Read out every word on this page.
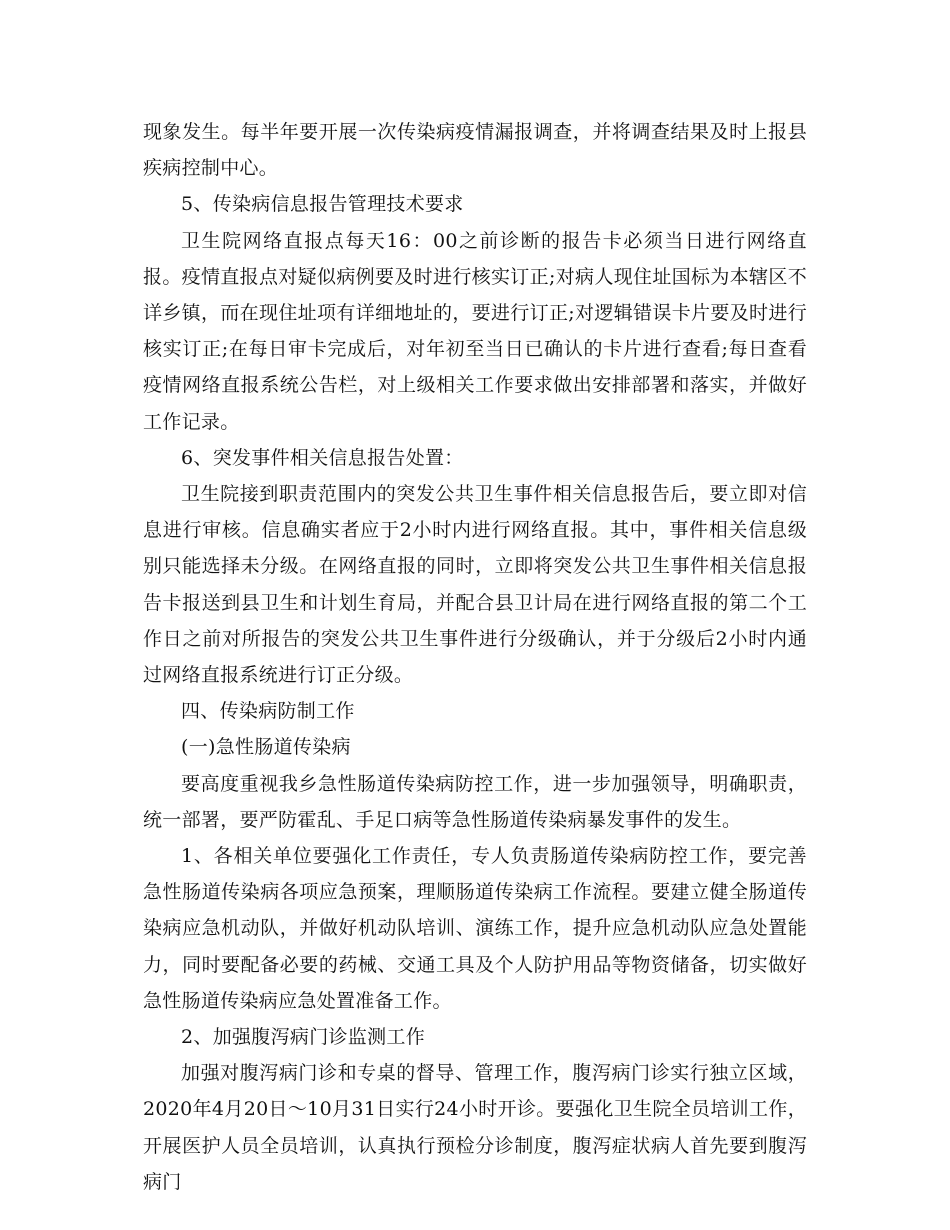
现象发生。每半年要开展一次传染病疫情漏报调查，并将调查结果及时上报县疾病控制中心。

5、传染病信息报告管理技术要求

卫生院网络直报点每天16：00之前诊断的报告卡必须当日进行网络直报。疫情直报点对疑似病例要及时进行核实订正;对病人现住址国标为本辖区不详乡镇，而在现住址项有详细地址的，要进行订正;对逻辑错误卡片要及时进行核实订正;在每日审卡完成后，对年初至当日已确认的卡片进行查看;每日查看疫情网络直报系统公告栏，对上级相关工作要求做出安排部署和落实，并做好工作记录。

6、突发事件相关信息报告处置：

卫生院接到职责范围内的突发公共卫生事件相关信息报告后，要立即对信息进行审核。信息确实者应于2小时内进行网络直报。其中，事件相关信息级别只能选择未分级。在网络直报的同时，立即将突发公共卫生事件相关信息报告卡报送到县卫生和计划生育局，并配合县卫计局在进行网络直报的第二个工作日之前对所报告的突发公共卫生事件进行分级确认，并于分级后2小时内通过网络直报系统进行订正分级。

四、传染病防制工作

(一)急性肠道传染病

要高度重视我乡急性肠道传染病防控工作，进一步加强领导，明确职责，统一部署，要严防霍乱、手足口病等急性肠道传染病暴发事件的发生。

1、各相关单位要强化工作责任，专人负责肠道传染病防控工作，要完善急性肠道传染病各项应急预案，理顺肠道传染病工作流程。要建立健全肠道传染病应急机动队，并做好机动队培训、演练工作，提升应急机动队应急处置能力，同时要配备必要的药械、交通工具及个人防护用品等物资储备，切实做好急性肠道传染病应急处置准备工作。

2、加强腹泻病门诊监测工作

加强对腹泻病门诊和专桌的督导、管理工作，腹泻病门诊实行独立区域，2020年4月20日～10月31日实行24小时开诊。要强化卫生院全员培训工作，开展医护人员全员培训，认真执行预检分诊制度，腹泻症状病人首先要到腹泻病门
